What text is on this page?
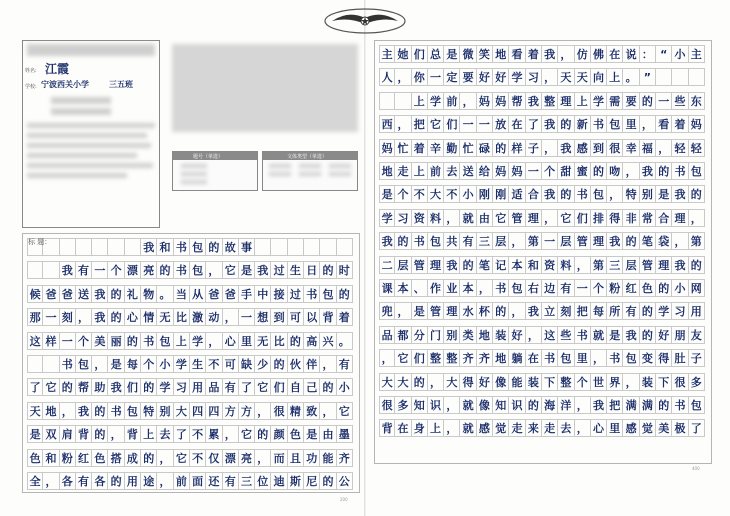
姓名: 江霞
学校: 宁波西关小学	三五班
题号（单选）	文体类型（单选）
我 和 书 包 的 故 事
我 有 一 个 漂 亮 的 书 包 ， 它 是 我 过 生 日 的 时
候 爸 爸 送 我 的 礼 物 。 当 从 爸 爸 手 中 接 过 书 包 的
那 一 刻 ， 我 的 心 情 无 比 激 动 ， 一 想 到 可 以 背 着
这 样 一 个 美 丽 的 书 包 上 学 ， 心 里 无 比 的 高 兴 。
书 包 ， 是 每 个 小 学 生 不 可 缺 少 的 伙 伴 ， 有
了 它 的 帮 助 我 们 的 学 习 用 品 有 了 它 们 自 己 的 小
天 地 ， 我 的 书 包 特 别 大 四 四 方 方 ， 很 精 致 ， 它
是 双 肩 背 的 ， 背 上 去 了 不 累 ， 它 的 颜 色 是 由 墨
色 和 粉 红 色 搭 成 的 ， 它 不 仅 漂 亮 ， 而 且 功 能 齐
全 ， 各 有 各 的 用 途 ， 前 面 还 有 三 位 迪 斯 尼 的 公
标 题：
主 她 们 总 是 微 笑 地 看 着 我 ， 仿 佛 在 说 ： “ 小 主
人 ， 你 一 定 要 好 好 学 习 ， 天 天 向 上 。 ”
上 学 前 ， 妈 妈 帮 我 整 理 上 学 需 要 的 一 些 东
西 ， 把 它 们 一 一 放 在 了 我 的 新 书 包 里 ， 看 着 妈
妈 忙 着 辛 勤 忙 碌 的 样 子 ， 我 感 到 很 幸 福 ， 轻 轻
地 走 上 前 去 送 给 妈 妈 一 个 甜 蜜 的 吻 ， 我 的 书 包
是 个 不 大 不 小 刚 刚 适 合 我 的 书 包 ， 特 别 是 我 的
学 习 资 料 ， 就 由 它 管 理 ， 它 们 排 得 非 常 合 理 ，
我 的 书 包 共 有 三 层 ， 第 一 层 管 理 我 的 笔 袋 ， 第
二 层 管 理 我 的 笔 记 本 和 资 料 ， 第 三 层 管 理 我 的
课 本 、 作 业 本 ， 书 包 右 边 有 一 个 粉 红 色 的 小 网
兜 ， 是 管 理 水 杯 的 ， 我 立 刻 把 每 所 有 的 学 习 用
品 都 分 门 别 类 地 装 好 ， 这 些 书 就 是 我 的 好 朋 友
， 它 们 整 整 齐 齐 地 躺 在 书 包 里 ， 书 包 变 得 肚 子
大 大 的 ， 大 得 好 像 能 装 下 整 个 世 界 ， 装 下 很 多
很 多 知 识 ， 就 像 知 识 的 海 洋 ， 我 把 满 满 的 书 包
背 在 身 上 ， 就 感 觉 走 来 走 去 ， 心 里 感 觉 美 极 了
200
400
